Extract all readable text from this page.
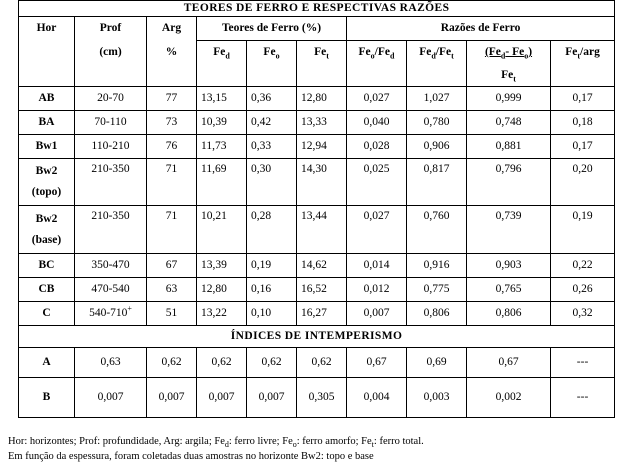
TEORES DE FERRO E RESPECTIVAS RAZÕES									
Hor	Prof	Arg	Teores de Ferro (%)			Razões de Ferro			
	(cm)	%	$Fe_d$	$Fe_o$	$Fe_t$	$Fe_o/Fe_d$	$Fe_d/Fe_t$	($Fe_d-$ $Fe_o$)	$Fe_t$/arg
								$Fe_t$	
AB	20-70	77	13,15	0,36	12,80	0,027	1,027	0,999	0,17
BA	70-110	73	10,39	0,42	13,33	0,040	0,780	0,748	0,18
Bw1	110-210	76	11,73	0,33	12,94	0,028	0,906	0,881	0,17

Bw2
(topo)	210-350	71	11,69	0,30	14,30	0,025	0,817	0,796	0,20

Bw2
(base)	210-350	71	10,21	0,28	13,44	0,027	0,760	0,739	0,19
BC	350-470	67	13,39	0,19	14,62	0,014	0,916	0,903	0,22
CB	470-540	63	12,80	0,16	16,52	0,012	0,775	0,765	0,26
C	540-710+	51	13,22	0,10	16,27	0,007	0,806	0,806	0,32
ÍNDICES DE INTEMPERISMO									
A	0,63	0,62	0,62	0,62	0,62	0,67	0,69	0,67	---
B	0,007	0,007	0,007	0,007	0,305	0,004	0,003	0,002	---
Hor: horizontes; Prof: profundidade, Arg: argila; $Fe_d$: ferro livre; $Fe_o$: ferro amorfo; $Fe_t$: ferro total.
Em função da espessura, foram coletadas duas amostras no horizonte Bw2: topo e base
